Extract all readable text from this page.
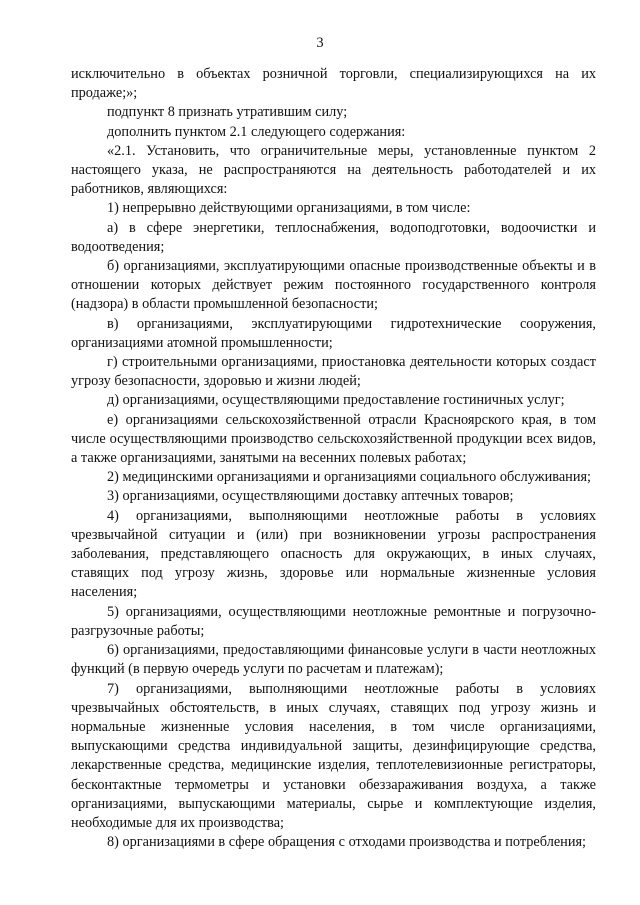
3

исключительно в объектах розничной торговли, специализирующихся на их продаже;»;

подпункт 8 признать утратившим силу;

дополнить пунктом 2.1 следующего содержания:

«2.1. Установить, что ограничительные меры, установленные пунктом 2 настоящего указа, не распространяются на деятельность работодателей и их работников, являющихся:

1) непрерывно действующими организациями, в том числе:

а) в сфере энергетики, теплоснабжения, водоподготовки, водоочистки и водоотведения;

б) организациями, эксплуатирующими опасные производственные объекты и в отношении которых действует режим постоянного государственного контроля (надзора) в области промышленной безопасности;

в) организациями, эксплуатирующими гидротехнические сооружения, организациями атомной промышленности;

г) строительными организациями, приостановка деятельности которых создаст угрозу безопасности, здоровью и жизни людей;

д) организациями, осуществляющими предоставление гостиничных услуг;

е) организациями сельскохозяйственной отрасли Красноярского края, в том числе осуществляющими производство сельскохозяйственной продукции всех видов, а также организациями, занятыми на весенних полевых работах;

2) медицинскими организациями и организациями социального обслуживания;

3) организациями, осуществляющими доставку аптечных товаров;

4) организациями, выполняющими неотложные работы в условиях чрезвычайной ситуации и (или) при возникновении угрозы распространения заболевания, представляющего опасность для окружающих, в иных случаях, ставящих под угрозу жизнь, здоровье или нормальные жизненные условия населения;

5) организациями, осуществляющими неотложные ремонтные и погрузочно-разгрузочные работы;

6) организациями, предоставляющими финансовые услуги в части неотложных функций (в первую очередь услуги по расчетам и платежам);

7) организациями, выполняющими неотложные работы в условиях чрезвычайных обстоятельств, в иных случаях, ставящих под угрозу жизнь и нормальные жизненные условия населения, в том числе организациями, выпускающими средства индивидуальной защиты, дезинфицирующие средства, лекарственные средства, медицинские изделия, теплотелевизионные регистраторы, бесконтактные термометры и установки обеззараживания воздуха, а также организациями, выпускающими материалы, сырье и комплектующие изделия, необходимые для их производства;

8) организациями в сфере обращения с отходами производства и потребления;
